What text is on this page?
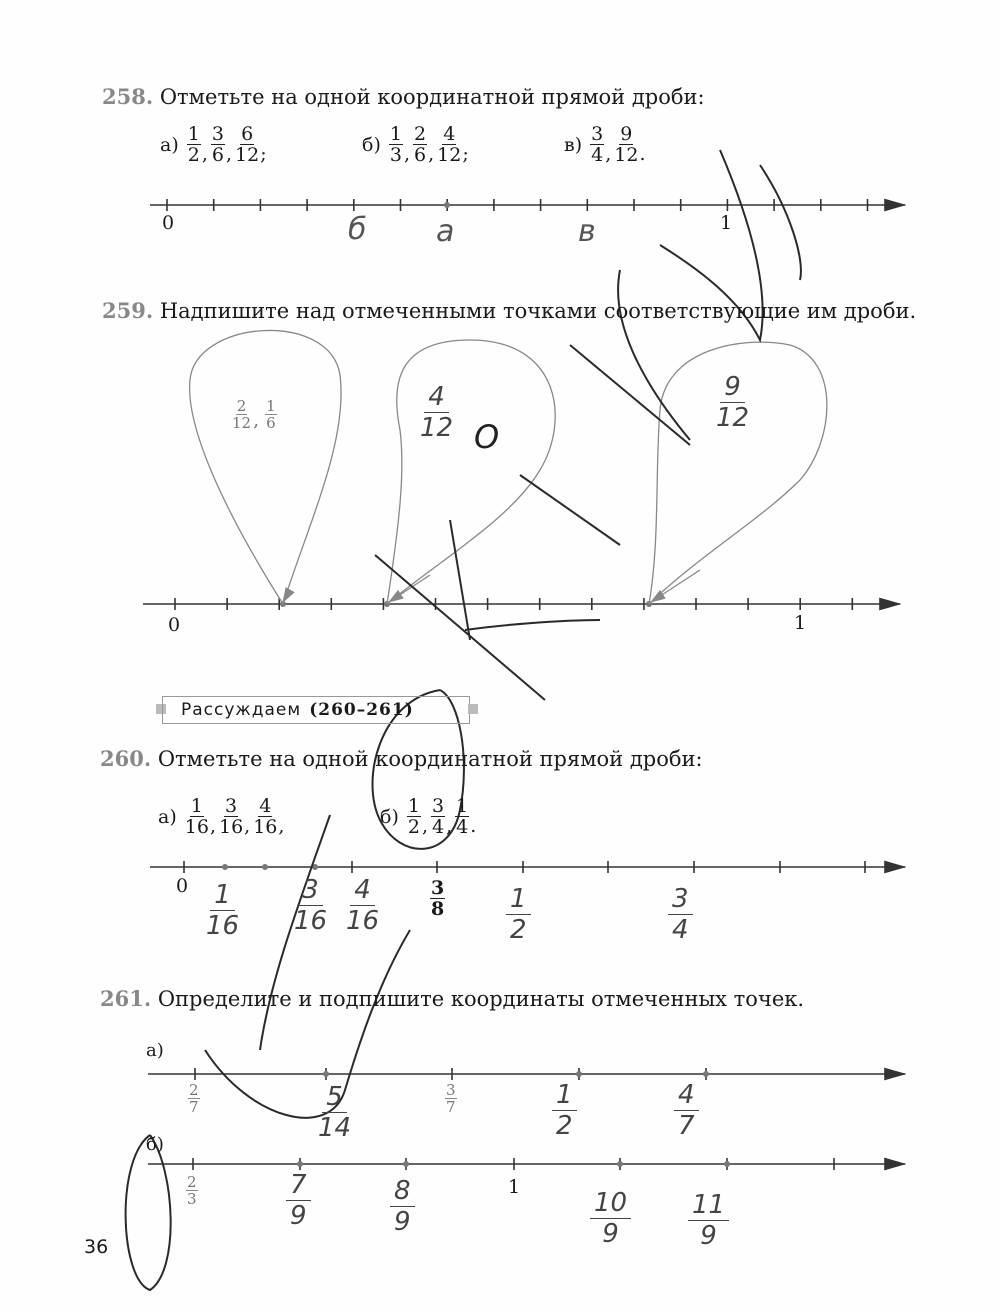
258. Отметьте на одной координатной прямой дроби:
$а) \frac{1}{2}$ , $\frac{3}{6}$ , $\frac{6}{12}$ ;	$б) \frac{1}{3}$ , $\frac{2}{6}$ , $\frac{4}{12}$ ;	$в) \frac{3}{4}$ , $\frac{9}{12}$ .
0	1
б а	в
259. Надпишите над отмеченными точками соответствующие им дроби.
$\frac{2}{12}$ , $\frac{1}{6}$
4
12 O
9
12
0	1
Рассуждаем (260–261)
260. Отметьте на одной координатной прямой дроби:
$а) \frac{1}{16}$ , $\frac{3}{16}$ , $\frac{4}{16}$ ,	$б) \frac{1}{2}$ , $\frac{3}{4}$ , $\frac{1}{4}$ .
0	$\frac{3}{8}$
1
16
3
16
4
16
1
2
3
4
261. Определите и подпишите координаты отмеченных точек.
а)
б)
$\frac{2}{7}$	$\frac{3}{7}$
$\frac{2}{3}$	1
5
14
1
2
4
7
7
9
8
9
10
9
11
9
36
